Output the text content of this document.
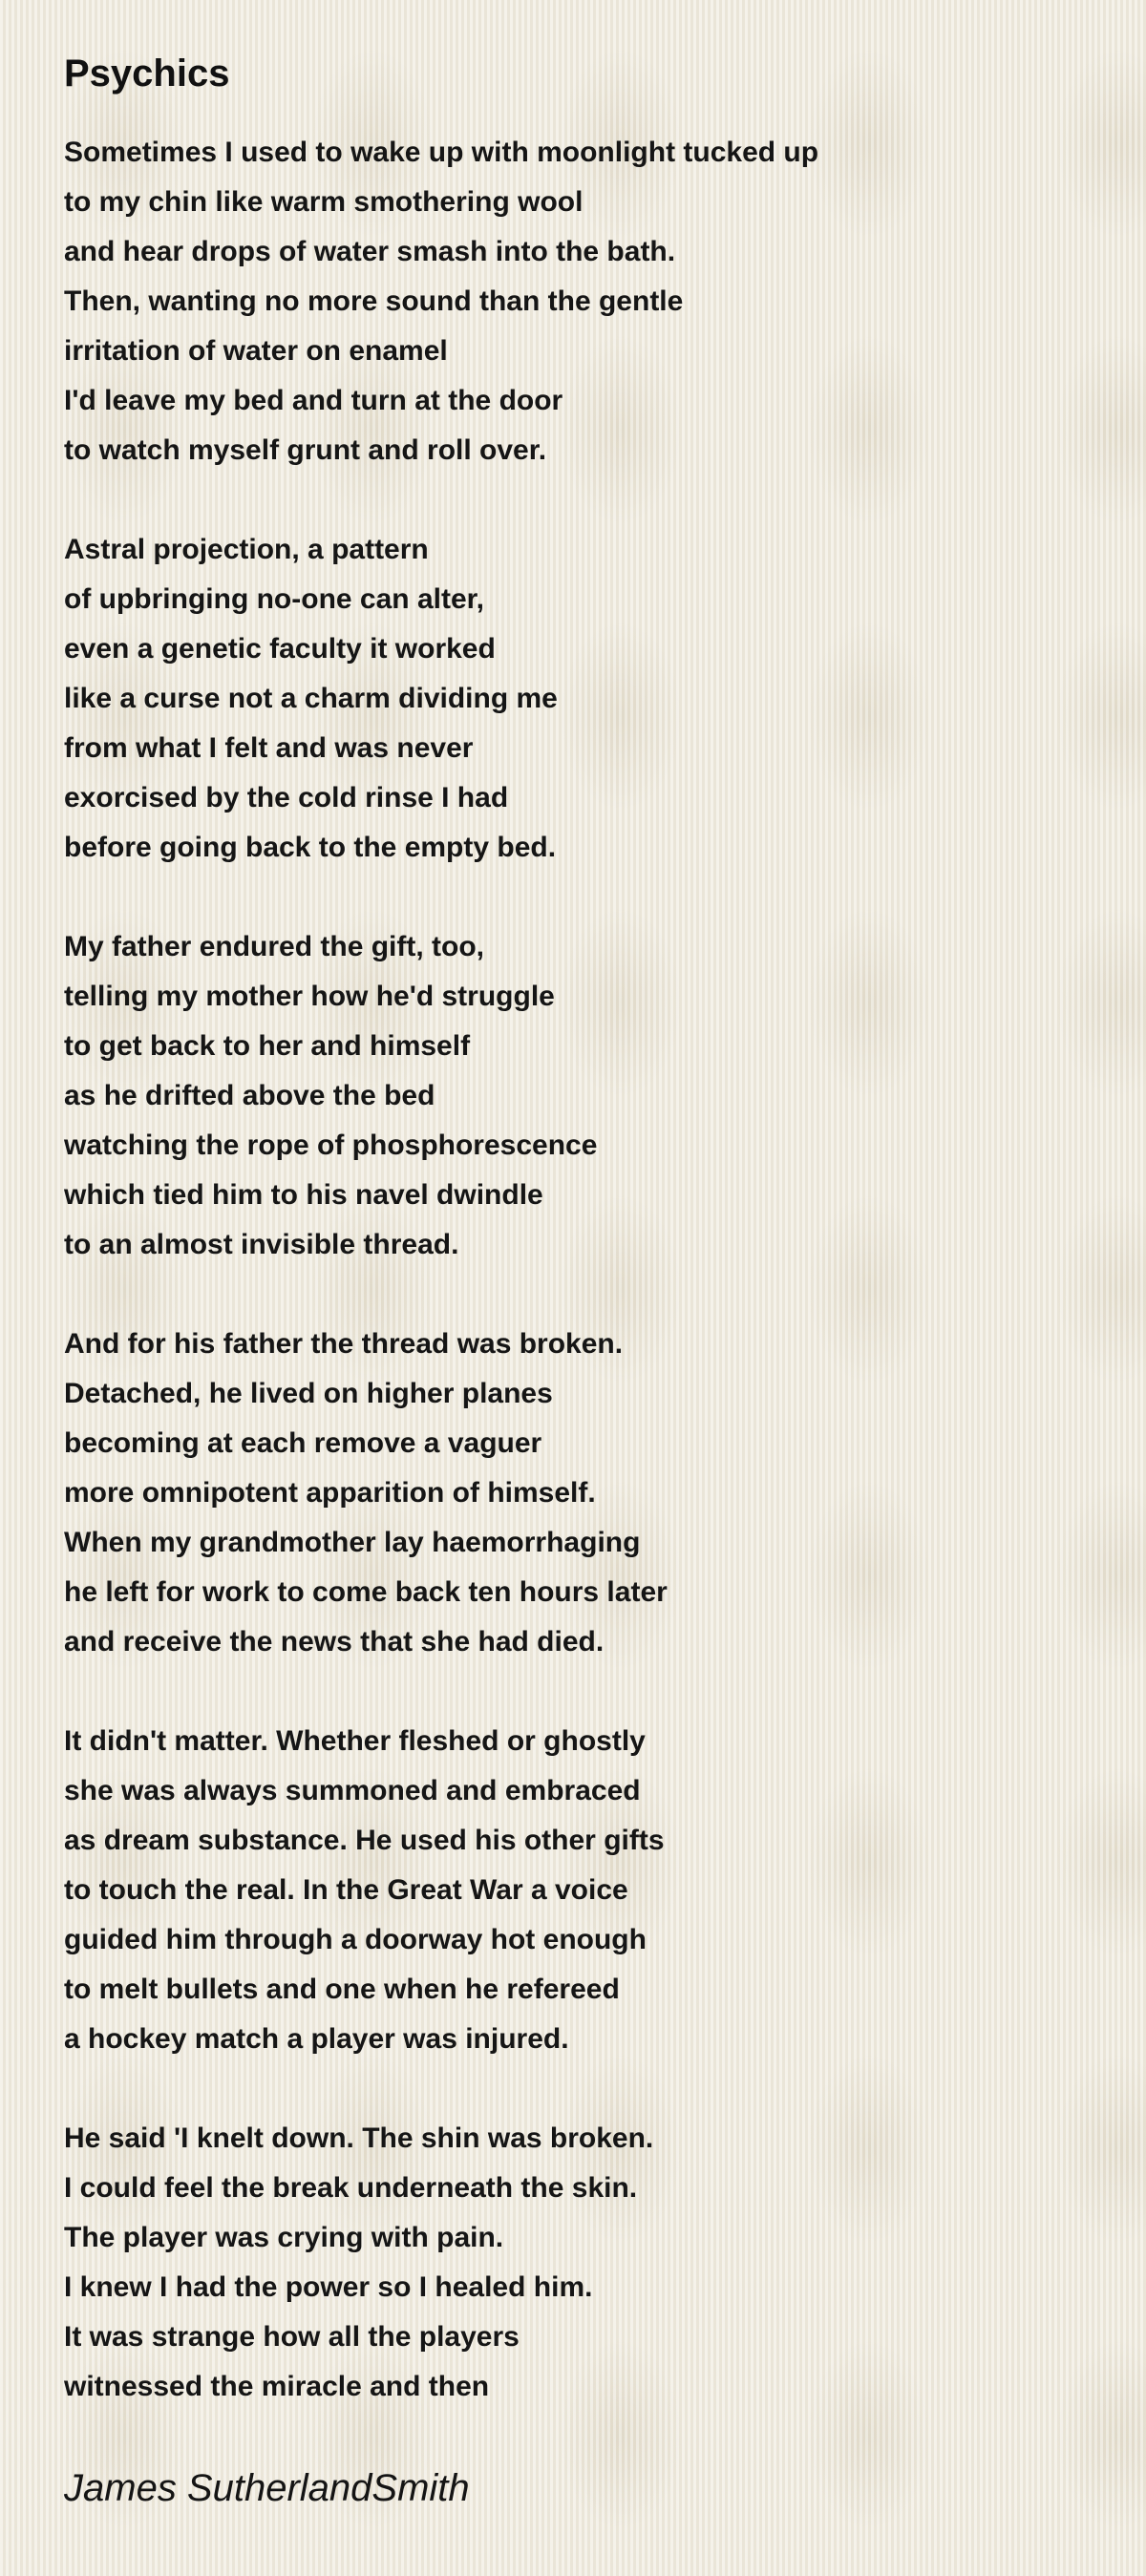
Psychics
Sometimes I used to wake up with moonlight tucked up
to my chin like warm smothering wool
and hear drops of water smash into the bath.
Then, wanting no more sound than the gentle
irritation of water on enamel
I'd leave my bed and turn at the door
to watch myself grunt and roll over.
Astral projection, a pattern
of upbringing no-one can alter,
even a genetic faculty it worked
like a curse not a charm dividing me
from what I felt and was never
exorcised by the cold rinse I had
before going back to the empty bed.
My father endured the gift, too,
telling my mother how he'd struggle
to get back to her and himself
as he drifted above the bed
watching the rope of phosphorescence
which tied him to his navel dwindle
to an almost invisible thread.
And for his father the thread was broken.
Detached, he lived on higher planes
becoming at each remove a vaguer
more omnipotent apparition of himself.
When my grandmother lay haemorrhaging
he left for work to come back ten hours later
and receive the news that she had died.
It didn't matter. Whether fleshed or ghostly
she was always summoned and embraced
as dream substance. He used his other gifts
to touch the real. In the Great War a voice
guided him through a doorway hot enough
to melt bullets and one when he refereed
a hockey match a player was injured.
He said 'I knelt down. The shin was broken.
I could feel the break underneath the skin.
The player was crying with pain.
I knew I had the power so I healed him.
It was strange how all the players
witnessed the miracle and then
James SutherlandSmith
